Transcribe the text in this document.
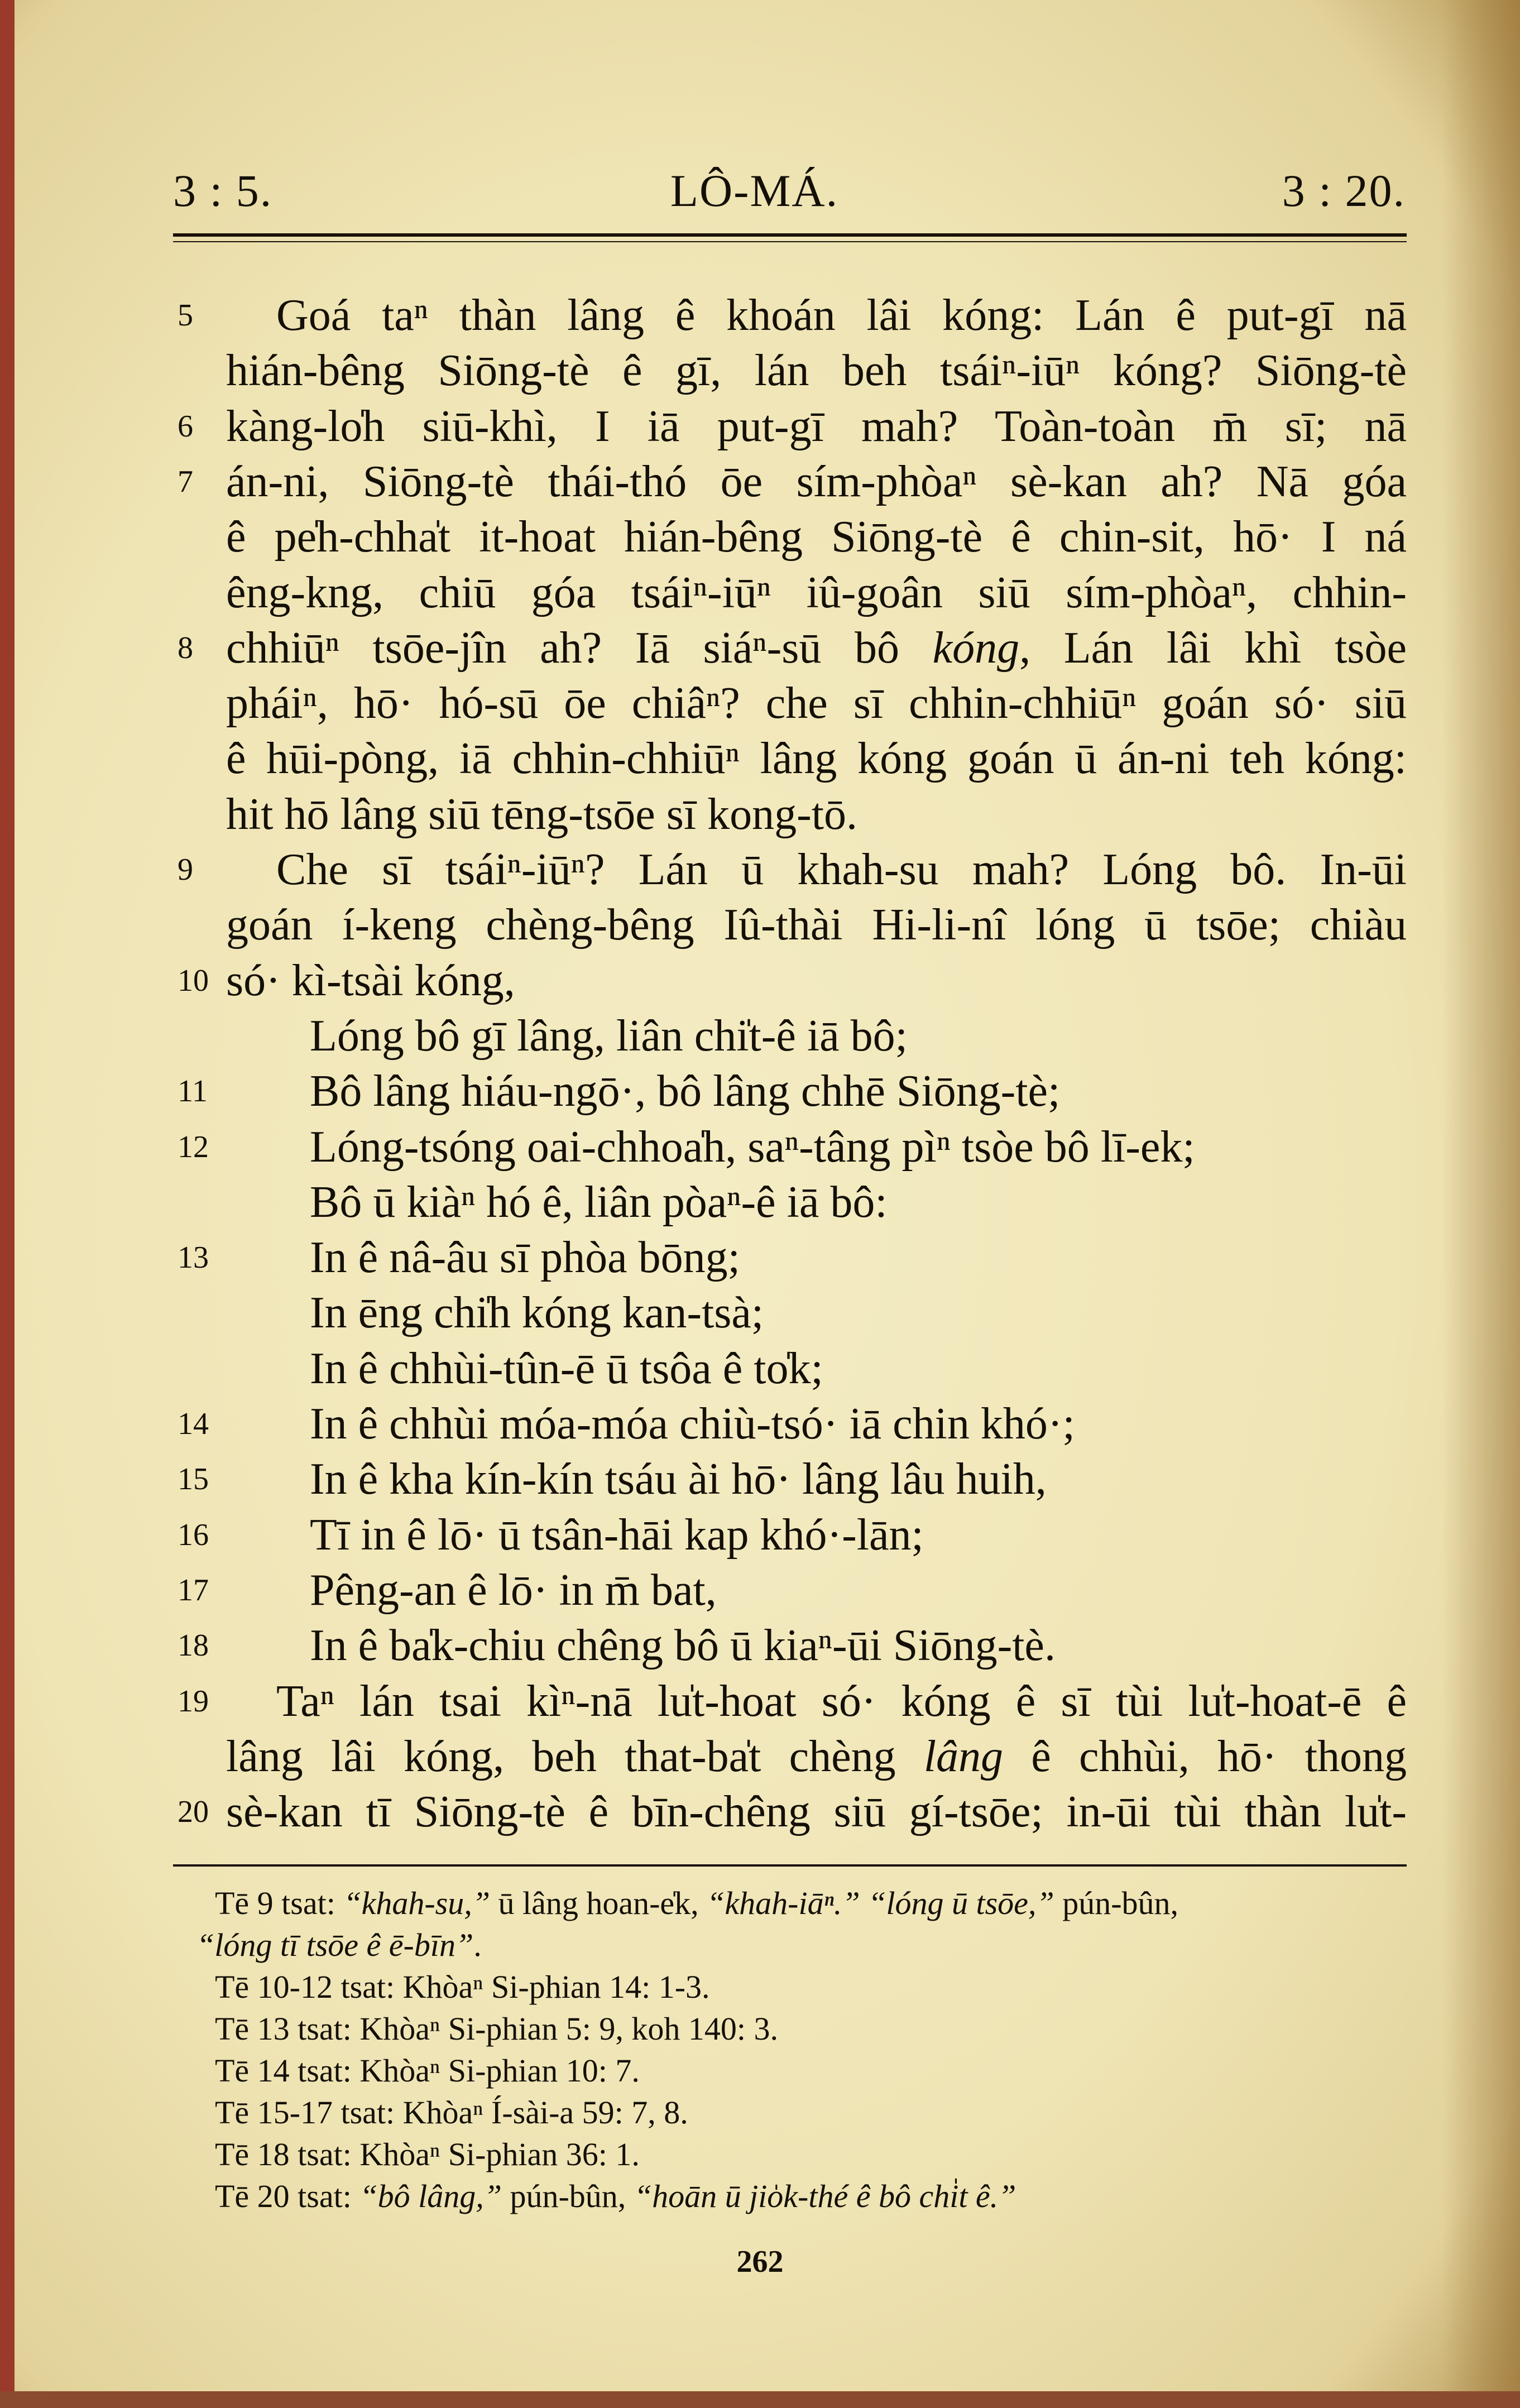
3 : 5.	LÔ-MÁ.	3 : 20.
5	Goá taⁿ thàn lâng ê khoán lâi kóng: Lán ê put-gī nā
hián-bêng Siōng-tè ê gī, lán beh tsáiⁿ-iūⁿ kóng? Siōng-tè
6 kàng-lo̍h siū-khì, I iā put-gī mah? Toàn-toàn m̄ sī; nā
7 án-ni, Siōng-tè thái-thó ōe sím-phòaⁿ sè-kan ah? Nā góa
ê pe̍h-chha̍t it-hoat hián-bêng Siōng-tè ê chin-sit, hō· I ná
êng-kng, chiū góa tsáiⁿ-iūⁿ iû-goân siū sím-phòaⁿ, chhin-
8 chhiūⁿ tsōe-jîn ah? Iā siáⁿ-sū bô kóng, Lán lâi khì tsòe
pháiⁿ, hō· hó-sū ōe chiâⁿ? che sī chhin-chhiūⁿ goán só· siū
ê hūi-pòng, iā chhin-chhiūⁿ lâng kóng goán ū án-ni teh kóng:
hit hō lâng siū tēng-tsōe sī kong-tō.
9	Che sī tsáiⁿ-iūⁿ? Lán ū khah-su mah? Lóng bô. In-ūi
goán í-keng chèng-bêng Iû-thài Hi-li-nî lóng ū tsōe; chiàu
10 só· kì-tsài kóng,
Lóng bô gī lâng, liân chi̍t-ê iā bô;
11 Bô lâng hiáu-ngō·, bô lâng chhē Siōng-tè;
12 Lóng-tsóng oai-chhoa̍h, saⁿ-tâng pìⁿ tsòe bô lī-ek;
Bô ū kiàⁿ hó ê, liân pòaⁿ-ê iā bô:
13 In ê nâ-âu sī phòa bōng;
In ēng chi̍h kóng kan-tsà;
In ê chhùi-tûn-ē ū tsôa ê to̍k;
14 In ê chhùi móa-móa chiù-tsó· iā chin khó·;
15 In ê kha kín-kín tsáu ài hō· lâng lâu huih,
16 Tī in ê lō· ū tsân-hāi kap khó·-lān;
17 Pêng-an ê lō· in m̄ bat,
18 In ê ba̍k-chiu chêng bô ū kiaⁿ-ūi Siōng-tè.
19	Taⁿ lán tsai kìⁿ-nā lu̍t-hoat só· kóng ê sī tùi lu̍t-hoat-ē ê
lâng lâi kóng, beh that-ba̍t chèng lâng ê chhùi, hō· thong
20 sè-kan tī Siōng-tè ê bīn-chêng siū gí-tsōe; in-ūi tùi thàn lu̍t-
Tē 9 tsat: “khah-su,” ū lâng hoan-e̍k, “khah-iāⁿ.” “lóng ū tsōe,” pún-bûn,
“lóng tī tsōe ê ē-bīn”.
Tē 10-12 tsat: Khòaⁿ Si-phian 14: 1-3.
Tē 13 tsat: Khòaⁿ Si-phian 5: 9, koh 140: 3.
Tē 14 tsat: Khòaⁿ Si-phian 10: 7.
Tē 15-17 tsat: Khòaⁿ Í-sài-a 59: 7, 8.
Tē 18 tsat: Khòaⁿ Si-phian 36: 1.
Tē 20 tsat: “bô lâng,” pún-bûn, “hoān ū jio̍k-thé ê bô chi̍t ê.”
262
